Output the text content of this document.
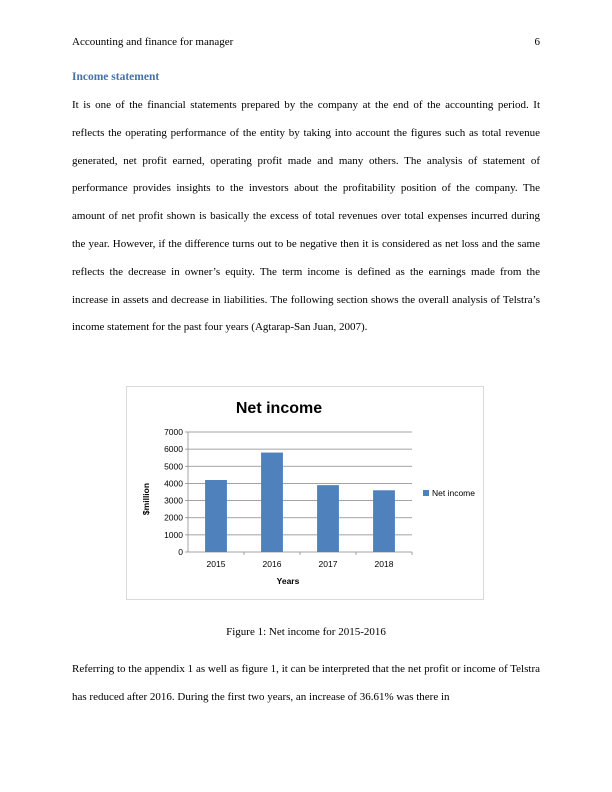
Accounting and finance for manager	6
Income statement

It is one of the financial statements prepared by the company at the end of the accounting period. It reflects the operating performance of the entity by taking into account the figures such as total revenue generated, net profit earned, operating profit made and many others. The analysis of statement of performance provides insights to the investors about the profitability position of the company. The amount of net profit shown is basically the excess of total revenues over total expenses incurred during the year. However, if the difference turns out to be negative then it is considered as net loss and the same reflects the decrease in owner’s equity. The term income is defined as the earnings made from the increase in assets and decrease in liabilities. The following section shows the overall analysis of Telstra’s income statement for the past four years (Agtarap-San Juan, 2007).

Net income
0
1000
2000
3000
4000
5000
6000
7000
2015	2016	2017	2018
Years
$million	Net income
Figure 1: Net income for 2015-2016

Referring to the appendix 1 as well as figure 1, it can be interpreted that the net profit or income of Telstra has reduced after 2016. During the first two years, an increase of 36.61% was there in
